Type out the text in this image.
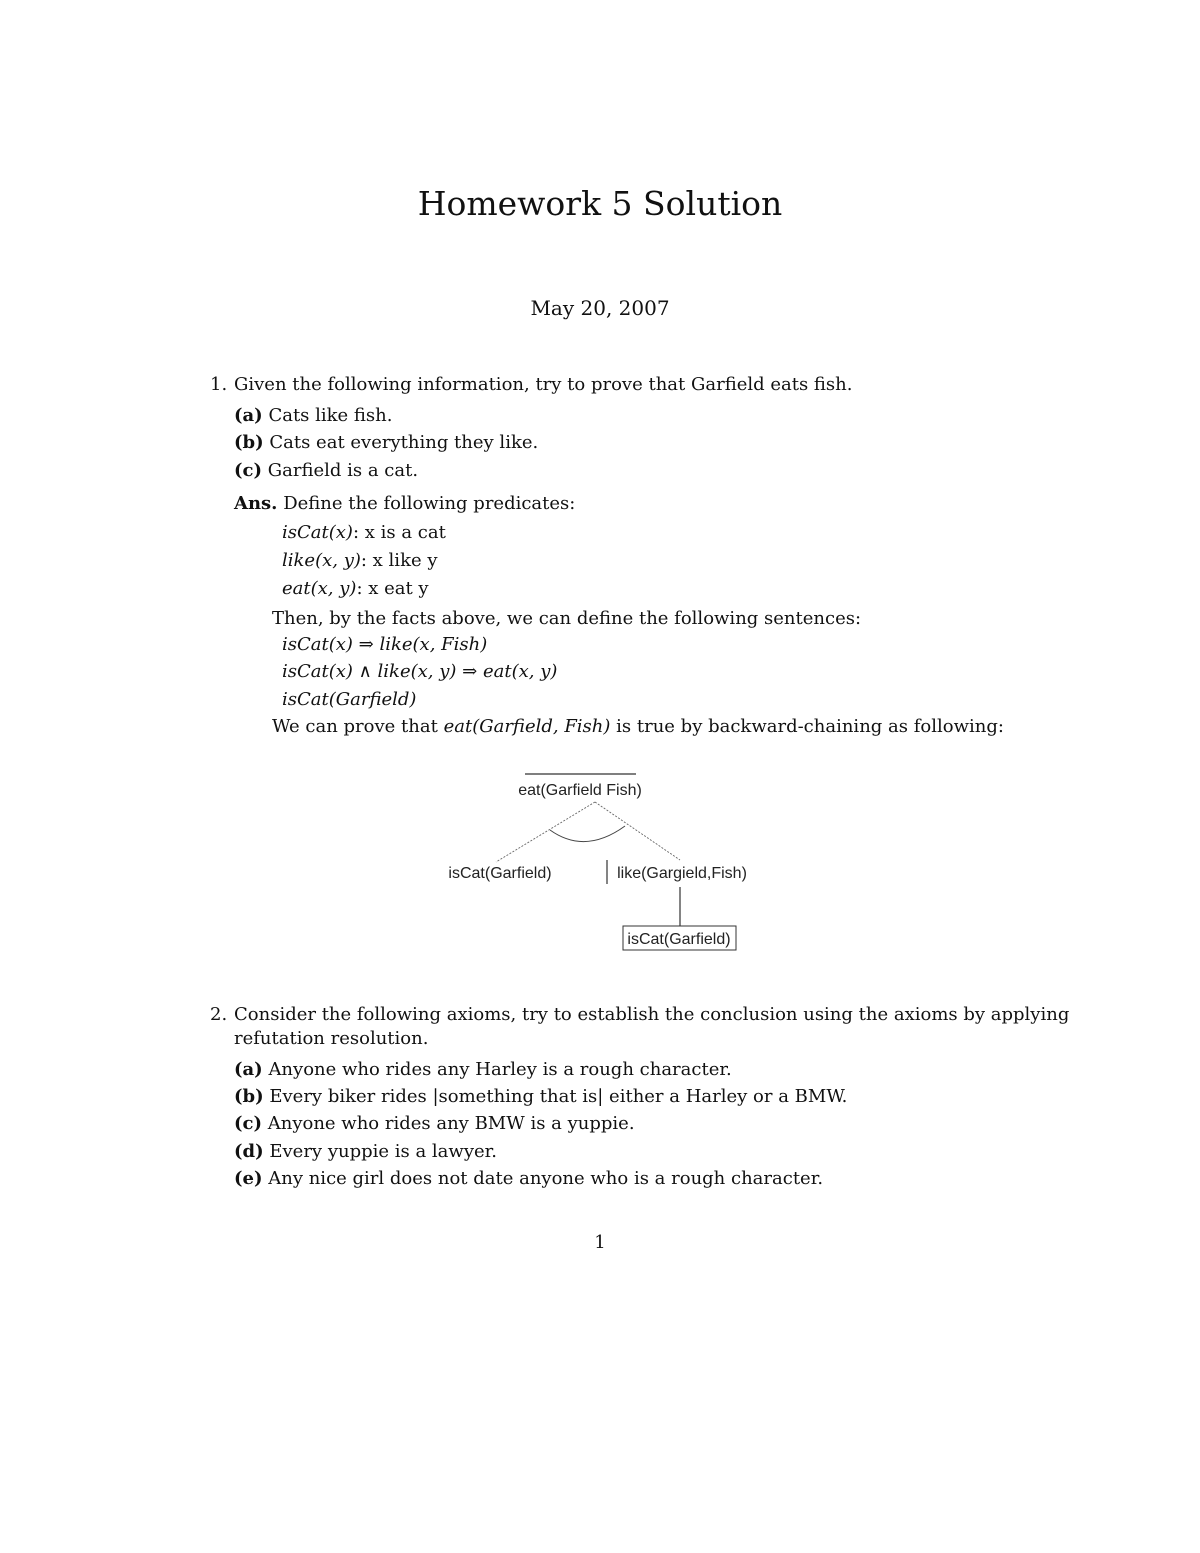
Homework 5 Solution
May 20, 2007
1. Given the following information, try to prove that Garfield eats fish.
(a) Cats like fish.
(b) Cats eat everything they like.
(c) Garfield is a cat.
Ans. Define the following predicates:
isCat(x): x is a cat
like(x, y): x like y
eat(x, y): x eat y
Then, by the facts above, we can define the following sentences:
isCat(x) ⇒ like(x, Fish)
isCat(x) ∧ like(x, y) ⇒ eat(x, y)
isCat(Garfield)
We can prove that eat(Garfield, Fish) is true by backward-chaining as following:
eat(Garfield Fish)
isCat(Garfield)	like(Gargield,Fish)
isCat(Garfield)
2. Consider the following axioms, try to establish the conclusion using the axioms by applying
refutation resolution.
(a) Anyone who rides any Harley is a rough character.
(b) Every biker rides |something that is| either a Harley or a BMW.
(c) Anyone who rides any BMW is a yuppie.
(d) Every yuppie is a lawyer.
(e) Any nice girl does not date anyone who is a rough character.
1
